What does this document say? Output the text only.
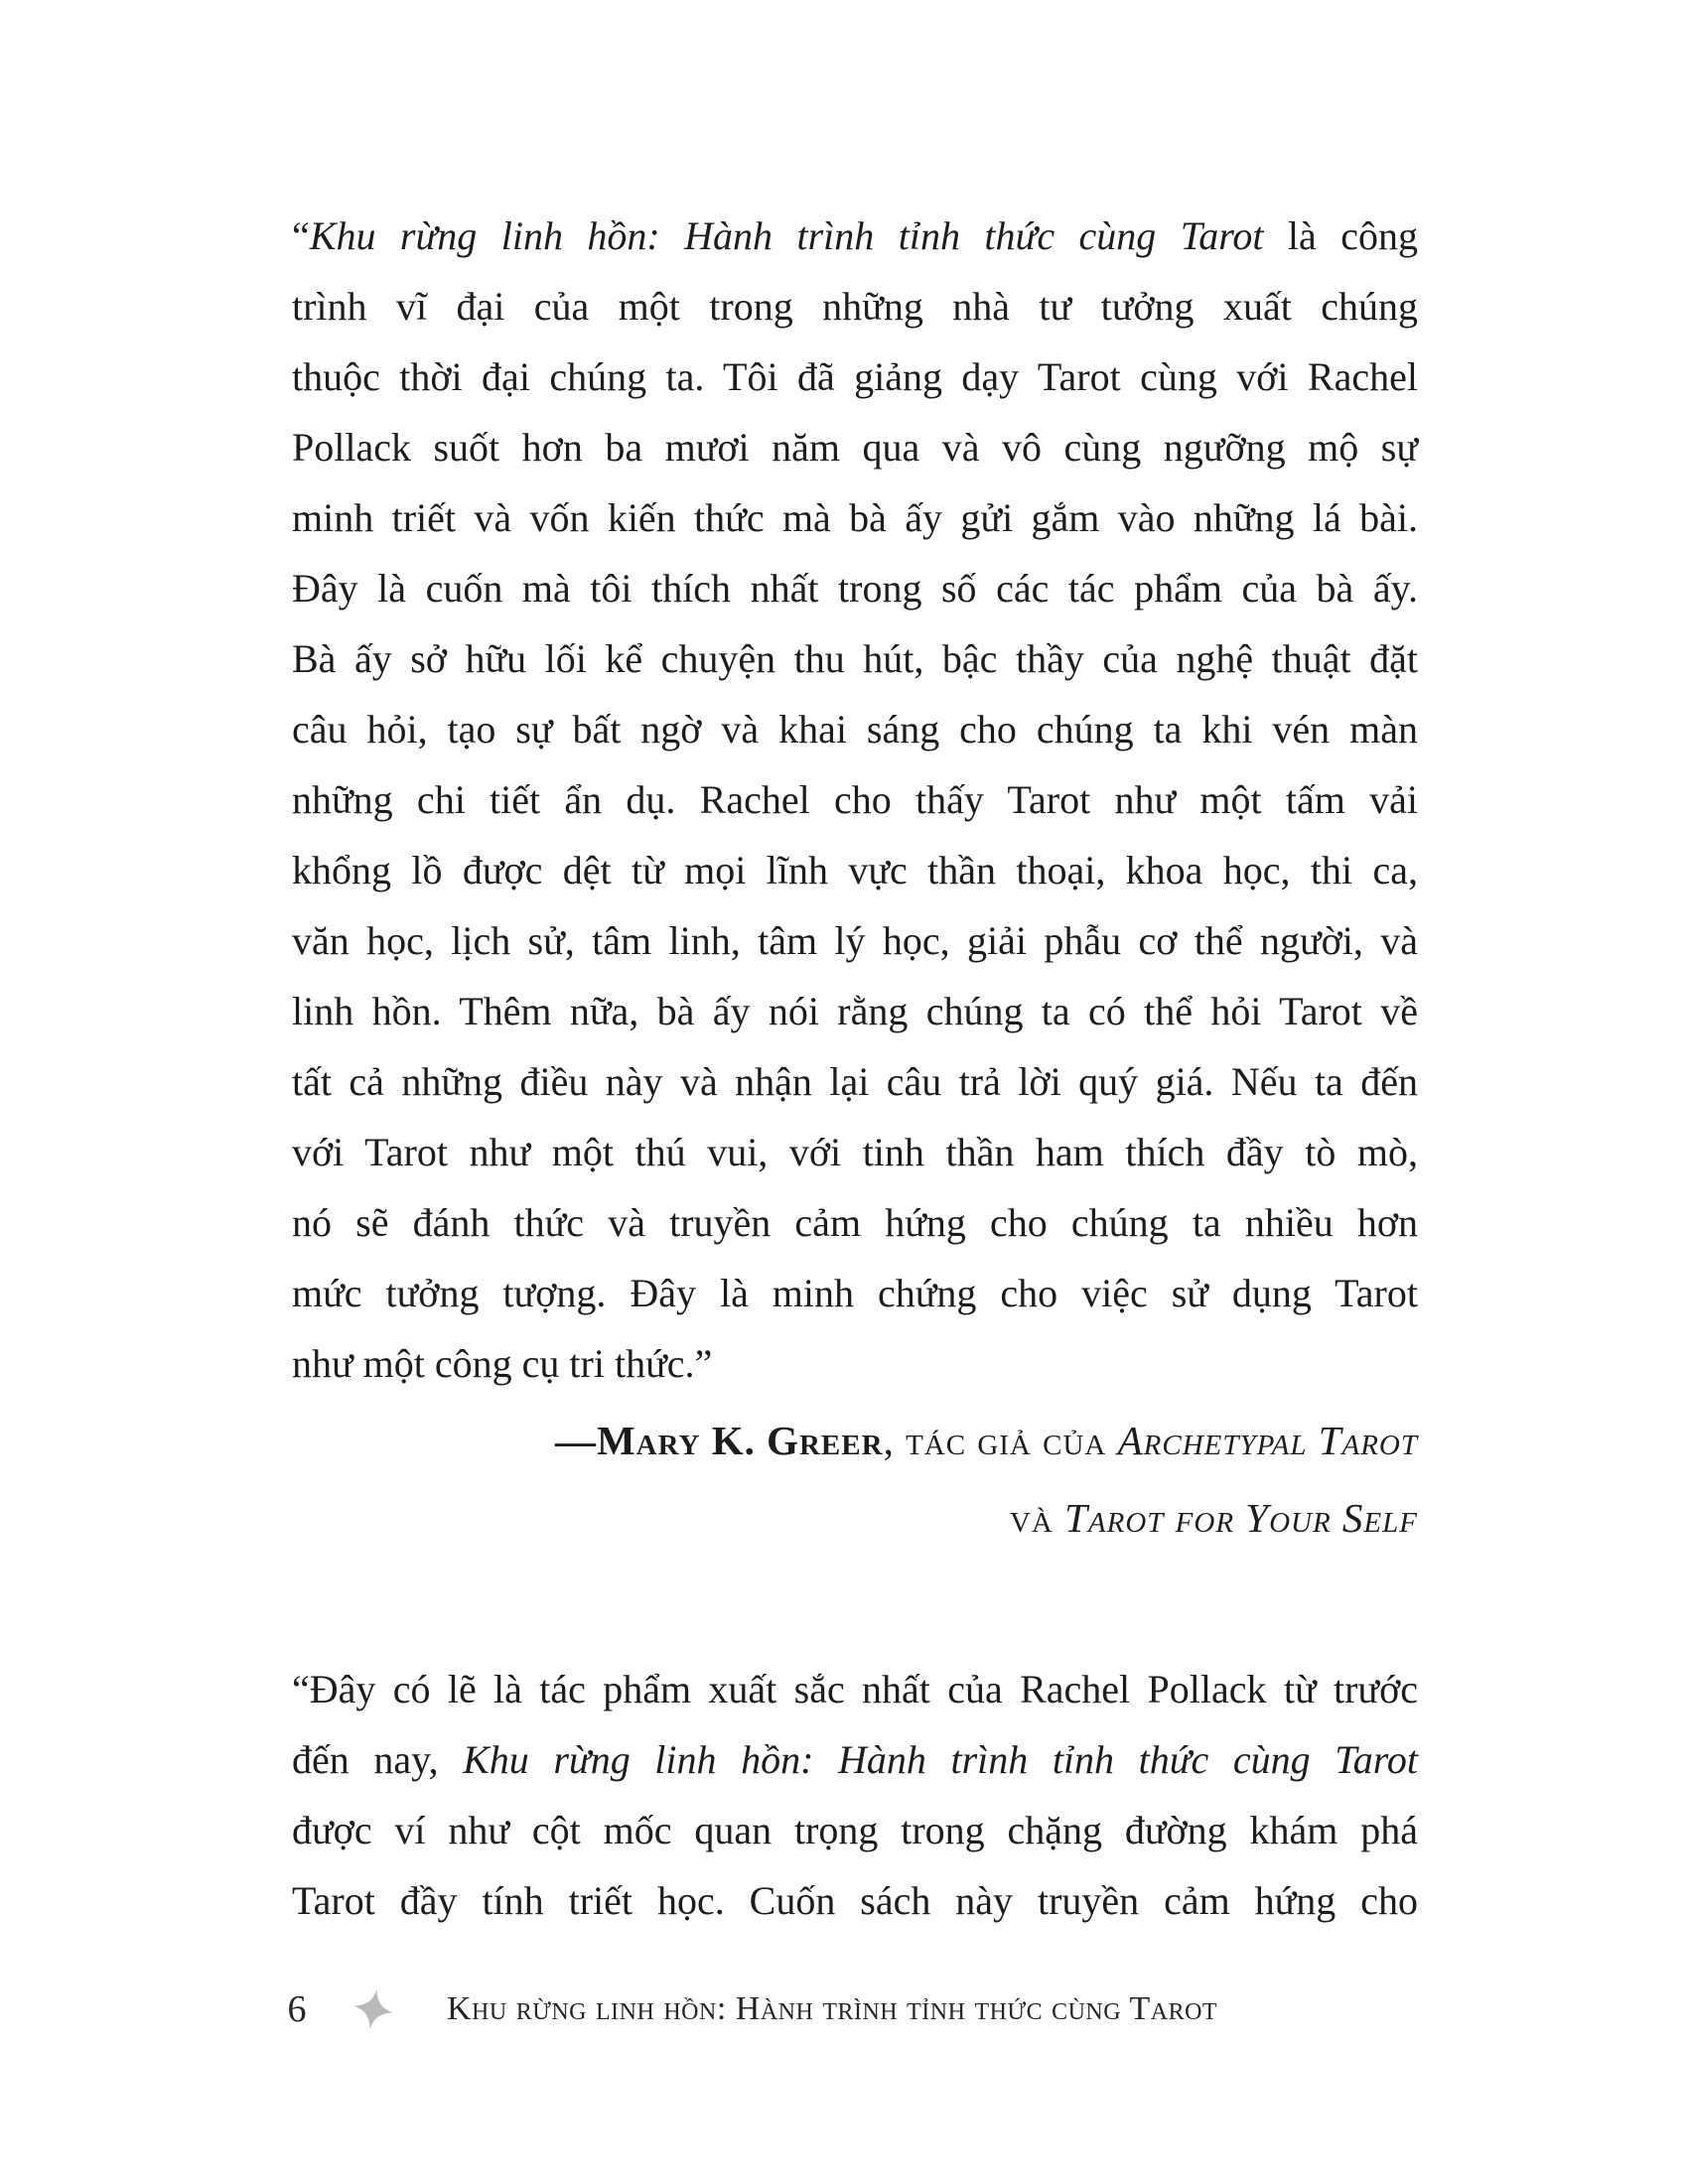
“Khu rừng linh hồn: Hành trình tỉnh thức cùng Tarot là công
trình vĩ đại của một trong những nhà tư tưởng xuất chúng
thuộc thời đại chúng ta. Tôi đã giảng dạy Tarot cùng với Rachel
Pollack suốt hơn ba mươi năm qua và vô cùng ngưỡng mộ sự
minh triết và vốn kiến thức mà bà ấy gửi gắm vào những lá bài.
Đây là cuốn mà tôi thích nhất trong số các tác phẩm của bà ấy.
Bà ấy sở hữu lối kể chuyện thu hút, bậc thầy của nghệ thuật đặt
câu hỏi, tạo sự bất ngờ và khai sáng cho chúng ta khi vén màn
những chi tiết ẩn dụ. Rachel cho thấy Tarot như một tấm vải
khổng lồ được dệt từ mọi lĩnh vực thần thoại, khoa học, thi ca,
văn học, lịch sử, tâm linh, tâm lý học, giải phẫu cơ thể người, và
linh hồn. Thêm nữa, bà ấy nói rằng chúng ta có thể hỏi Tarot về
tất cả những điều này và nhận lại câu trả lời quý giá. Nếu ta đến
với Tarot như một thú vui, với tinh thần ham thích đầy tò mò,
nó sẽ đánh thức và truyền cảm hứng cho chúng ta nhiều hơn
mức tưởng tượng. Đây là minh chứng cho việc sử dụng Tarot
như một công cụ tri thức.”
—Mary K. Greer, tác giả của Archetypal Tarot
và Tarot for Your Self
“Đây có lẽ là tác phẩm xuất sắc nhất của Rachel Pollack từ trước
đến nay, Khu rừng linh hồn: Hành trình tỉnh thức cùng Tarot
được ví như cột mốc quan trọng trong chặng đường khám phá
Tarot đầy tính triết học. Cuốn sách này truyền cảm hứng cho
6	Khu rừng linh hồn: Hành trình tỉnh thức cùng Tarot
